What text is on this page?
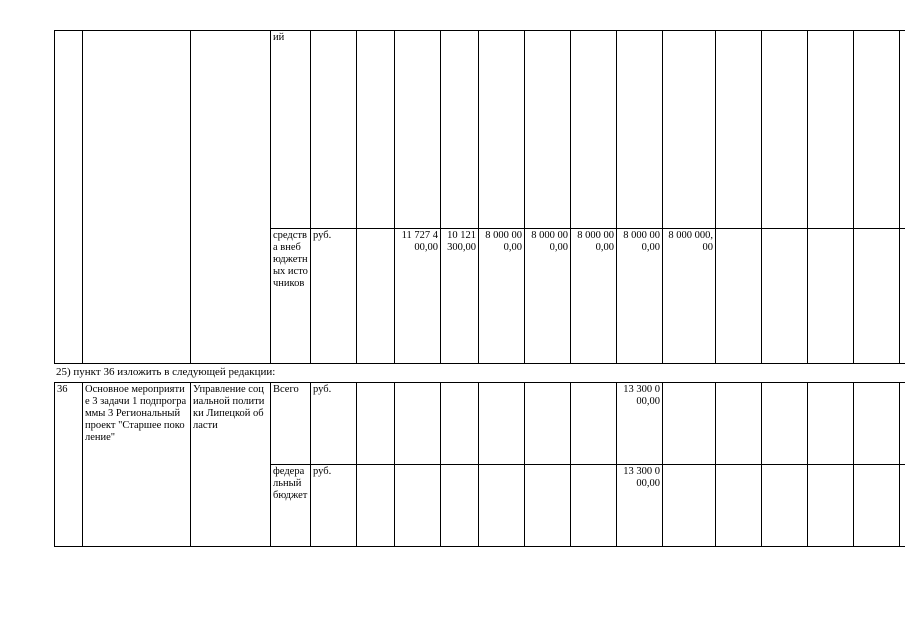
			ий														
			средства внебюджетных источников	руб.		11 727 400,00	10 121 300,00	8 000 000,00	8 000 000,00	8 000 000,00	8 000 000,00	8 000 000,00					
25) пункт 36 изложить в следующей редакции:
36	Основное мероприятие 3 задачи 1 подпрограммы 3 Региональный проект "Старшее поколение"	Управление социальной политики Липецкой области	Всего	руб.							13 300 000,00						
			федеральный бюджет	руб.							13 300 000,00						
